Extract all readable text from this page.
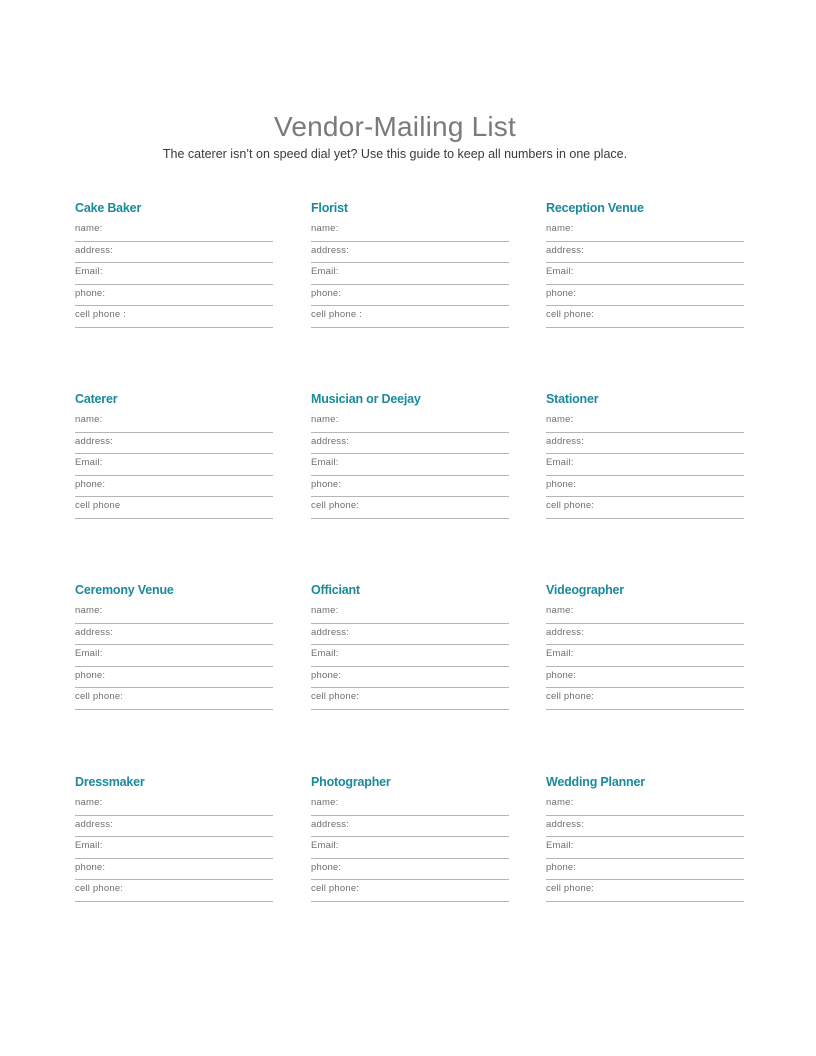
Vendor-Mailing List
The caterer isn’t on speed dial yet? Use this guide to keep all numbers in one place.
Cake Baker
name:
address:
Email:
phone:
cell phone :
Florist
name:
address:
Email:
phone:
cell phone :
Reception Venue
name:
address:
Email:
phone:
cell phone:
Caterer
name:
address:
Email:
phone:
cell phone
Musician or Deejay
name:
address:
Email:
phone:
cell phone:
Stationer
name:
address:
Email:
phone:
cell phone:
Ceremony Venue
name:
address:
Email:
phone:
cell phone:
Officiant
name:
address:
Email:
phone:
cell phone:
Videographer
name:
address:
Email:
phone:
cell phone:
Dressmaker
name:
address:
Email:
phone:
cell phone:
Photographer
name:
address:
Email:
phone:
cell phone:
Wedding Planner
name:
address:
Email:
phone:
cell phone:
